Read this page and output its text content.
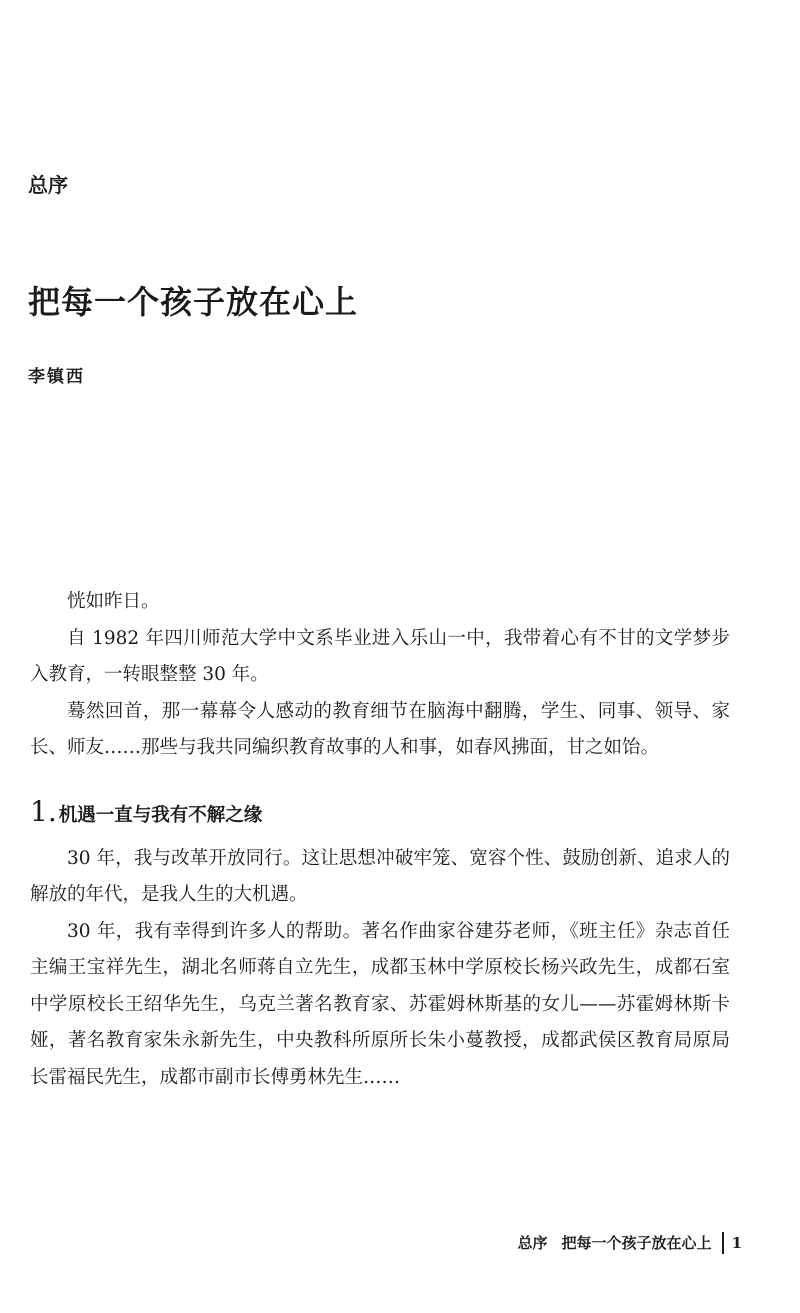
总序
把每一个孩子放在心上
李镇西

恍如昨日。

自 1982 年四川师范大学中文系毕业进入乐山一中，我带着心有不甘的文学梦步入教育，一转眼整整 30 年。

蓦然回首，那一幕幕令人感动的教育细节在脑海中翻腾，学生、同事、领导、家长、师友……那些与我共同编织教育故事的人和事，如春风拂面，甘之如饴。

1. 机遇一直与我有不解之缘

30 年，我与改革开放同行。这让思想冲破牢笼、宽容个性、鼓励创新、追求人的解放的年代，是我人生的大机遇。

30 年，我有幸得到许多人的帮助。著名作曲家谷建芬老师，《班主任》杂志首任主编王宝祥先生，湖北名师蒋自立先生，成都玉林中学原校长杨兴政先生，成都石室中学原校长王绍华先生，乌克兰著名教育家、苏霍姆林斯基的女儿——苏霍姆林斯卡娅，著名教育家朱永新先生，中央教科所原所长朱小蔓教授，成都武侯区教育局原局长雷福民先生，成都市副市长傅勇林先生……

总序 把每一个孩子放在心上 1
